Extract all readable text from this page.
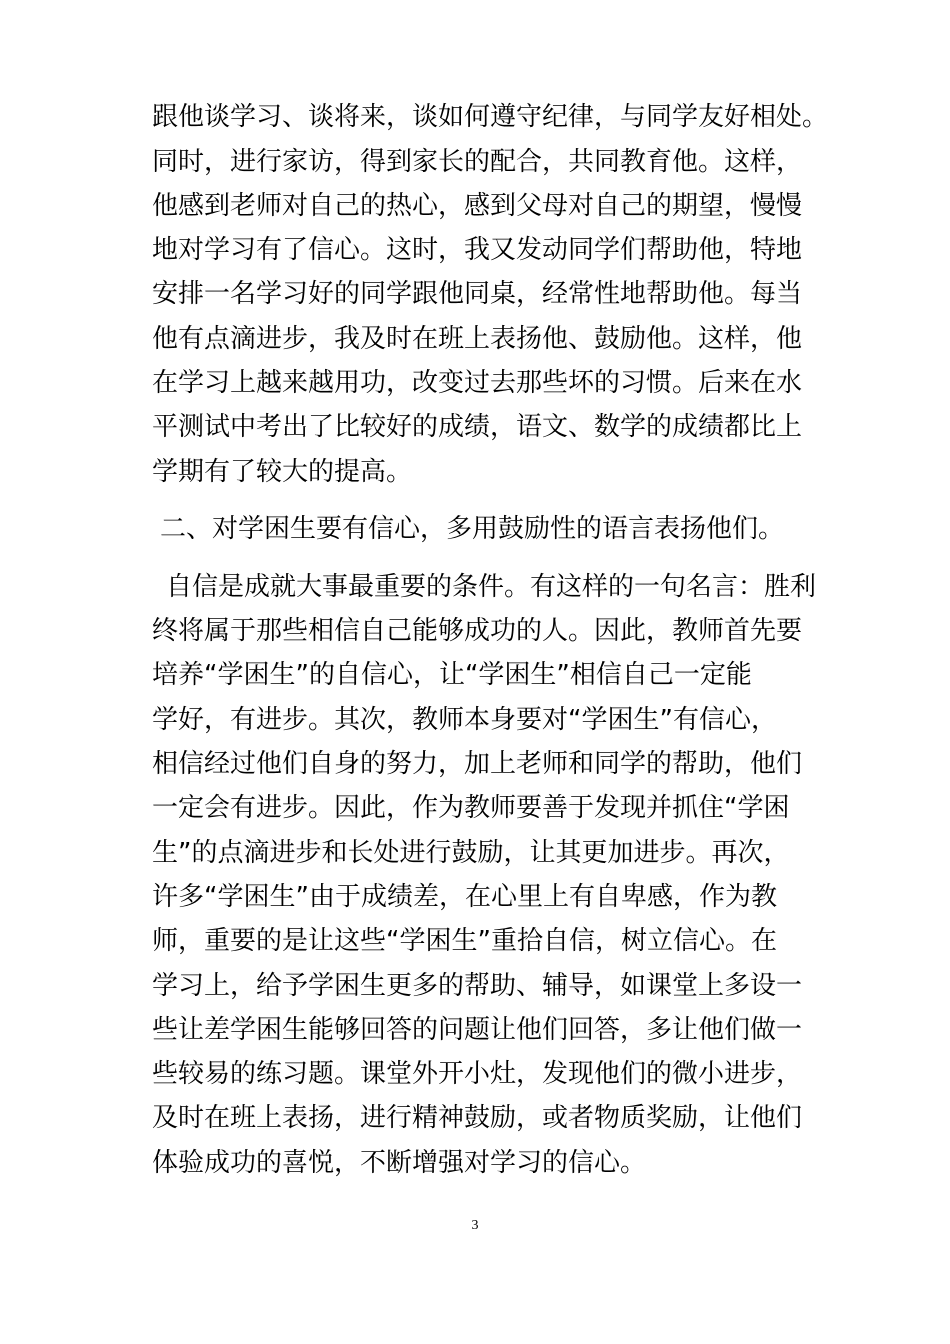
跟他谈学习、谈将来，谈如何遵守纪律，与同学友好相处。

同时，进行家访，得到家长的配合，共同教育他。这样，

他感到老师对自己的热心，感到父母对自己的期望，慢慢

地对学习有了信心。这时，我又发动同学们帮助他，特地

安排一名学习好的同学跟他同桌，经常性地帮助他。每当

他有点滴进步，我及时在班上表扬他、鼓励他。这样，他

在学习上越来越用功，改变过去那些坏的习惯。后来在水

平测试中考出了比较好的成绩，语文、数学的成绩都比上

学期有了较大的提高。

二、对学困生要有信心，多用鼓励性的语言表扬他们。

自信是成就大事最重要的条件。有这样的一句名言：胜利

终将属于那些相信自己能够成功的人。因此，教师首先要

培养“学困生”的自信心，让“学困生”相信自己一定能

学好，有进步。其次，教师本身要对“学困生”有信心，

相信经过他们自身的努力，加上老师和同学的帮助，他们

一定会有进步。因此，作为教师要善于发现并抓住“学困

生”的点滴进步和长处进行鼓励，让其更加进步。再次，

许多“学困生”由于成绩差，在心里上有自卑感，作为教

师，重要的是让这些“学困生”重拾自信，树立信心。在

学习上，给予学困生更多的帮助、辅导，如课堂上多设一

些让差学困生能够回答的问题让他们回答，多让他们做一

些较易的练习题。课堂外开小灶，发现他们的微小进步，

及时在班上表扬，进行精神鼓励，或者物质奖励，让他们

体验成功的喜悦，不断增强对学习的信心。

3
